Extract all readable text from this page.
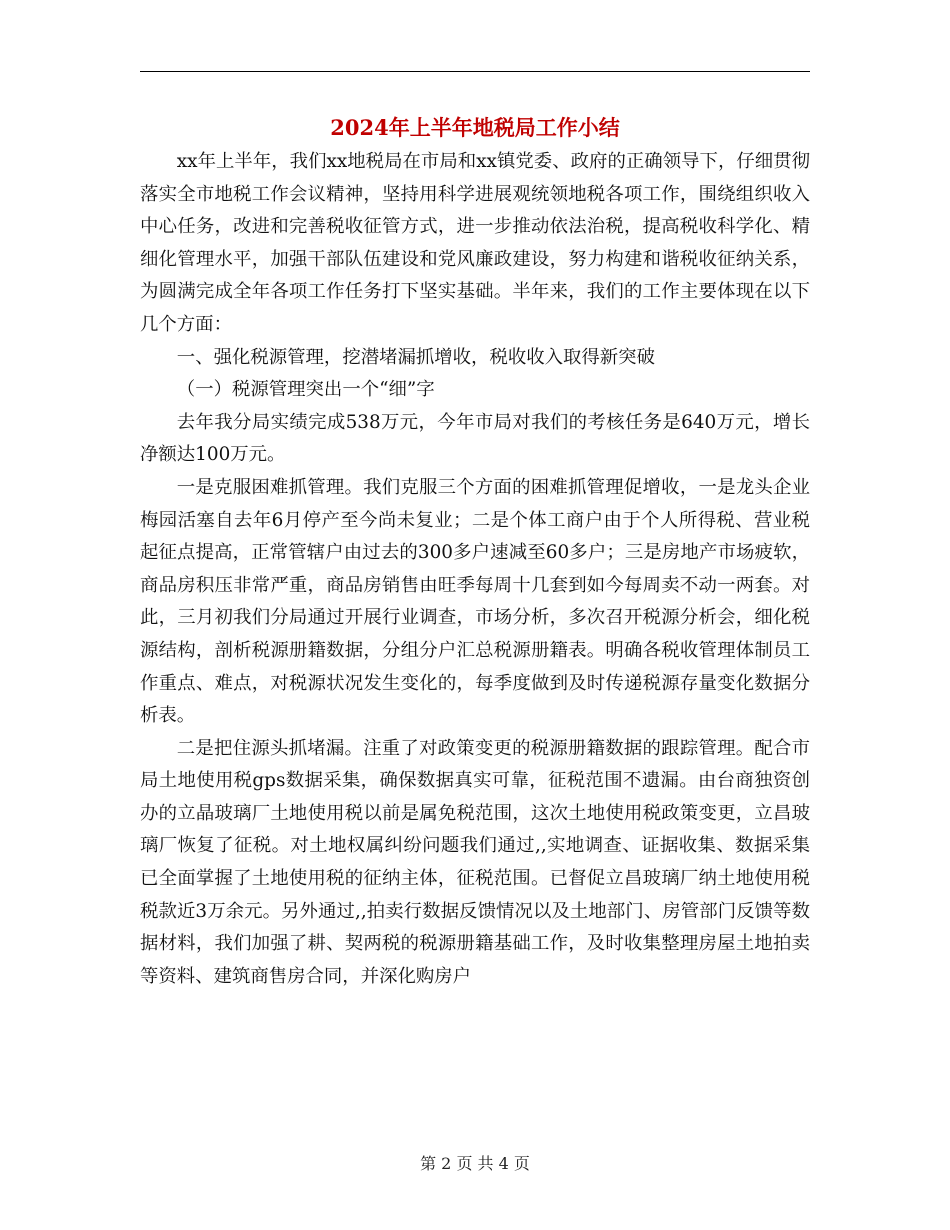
2024年上半年地税局工作小结

xx年上半年，我们xx地税局在市局和xx镇党委、政府的正确领导下，仔细贯彻落实全市地税工作会议精神，坚持用科学进展观统领地税各项工作，围绕组织收入中心任务，改进和完善税收征管方式，进一步推动依法治税，提高税收科学化、精细化管理水平，加强干部队伍建设和党风廉政建设，努力构建和谐税收征纳关系，为圆满完成全年各项工作任务打下坚实基础。半年来，我们的工作主要体现在以下几个方面：

一、强化税源管理，挖潜堵漏抓增收，税收收入取得新突破

（一）税源管理突出一个“细”字

去年我分局实绩完成538万元，今年市局对我们的考核任务是640万元，增长净额达100万元。

一是克服困难抓管理。我们克服三个方面的困难抓管理促增收，一是龙头企业梅园活塞自去年6月停产至今尚未复业；二是个体工商户由于个人所得税、营业税起征点提高，正常管辖户由过去的300多户速减至60多户；三是房地产市场疲软，商品房积压非常严重，商品房销售由旺季每周十几套到如今每周卖不动一两套。对此，三月初我们分局通过开展行业调查，市场分析，多次召开税源分析会，细化税源结构，剖析税源册籍数据，分组分户汇总税源册籍表。明确各税收管理体制员工作重点、难点，对税源状况发生变化的，每季度做到及时传递税源存量变化数据分析表。

二是把住源头抓堵漏。注重了对政策变更的税源册籍数据的跟踪管理。配合市局土地使用税gps数据采集，确保数据真实可靠，征税范围不遗漏。由台商独资创办的立晶玻璃厂土地使用税以前是属免税范围，这次土地使用税政策变更，立昌玻璃厂恢复了征税。对土地权属纠纷问题我们通过,,实地调查、证据收集、数据采集已全面掌握了土地使用税的征纳主体，征税范围。已督促立昌玻璃厂纳土地使用税税款近3万余元。另外通过,,拍卖行数据反馈情况以及土地部门、房管部门反馈等数据材料，我们加强了耕、契两税的税源册籍基础工作，及时收集整理房屋土地拍卖等资料、建筑商售房合同，并深化购房户

第 2 页 共 4 页
